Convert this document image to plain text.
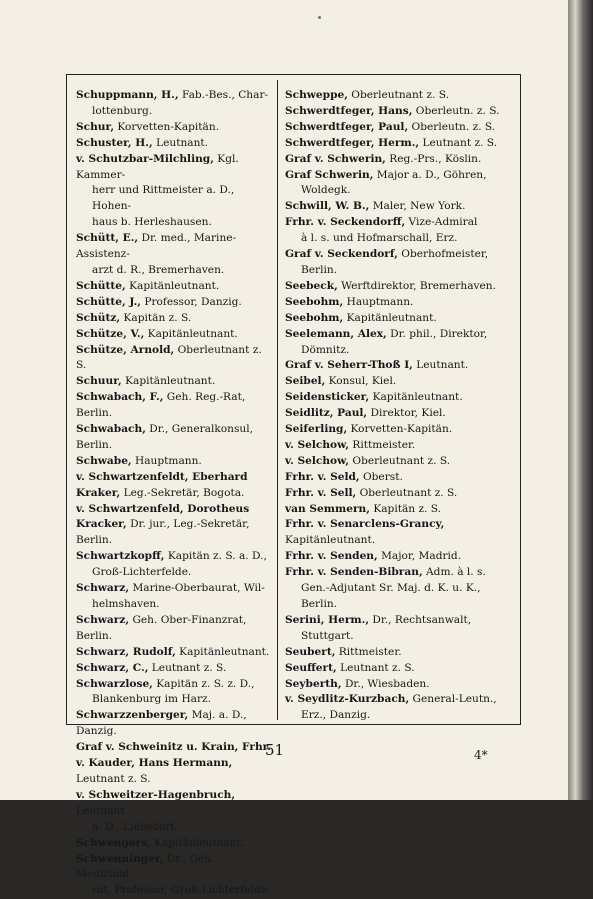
Schuppmann, H., Fab.-Bes., Char-
lottenburg.
Schur, Korvetten-Kapitän.
Schuster, H., Leutnant.
v. Schutzbar-Milchling, Kgl. Kammer-
herr und Rittmeister a. D., Hohen-
haus b. Herleshausen.
Schütt, E., Dr. med., Marine-Assistenz-
arzt d. R., Bremerhaven.
Schütte, Kapitänleutnant.
Schütte, J., Professor, Danzig.
Schütz, Kapitän z. S.
Schütze, V., Kapitänleutnant.
Schütze, Arnold, Oberleutnant z. S.
Schuur, Kapitänleutnant.
Schwabach, F., Geh. Reg.-Rat, Berlin.
Schwabach, Dr., Generalkonsul, Berlin.
Schwabe, Hauptmann.
v. Schwartzenfeldt, Eberhard Kraker, Leg.-Sekretär, Bogota.
v. Schwartzenfeld, Dorotheus Kracker, Dr. jur., Leg.-Sekretär, Berlin.
Schwartzkopff, Kapitän z. S. a. D.,
Groß-Lichterfelde.
Schwarz, Marine-Oberbaurat, Wil-
helmshaven.
Schwarz, Geh. Ober-Finanzrat, Berlin.
Schwarz, Rudolf, Kapitänleutnant.
Schwarz, C., Leutnant z. S.
Schwarzlose, Kapitän z. S. z. D.,
Blankenburg im Harz.
Schwarzzenberger, Maj. a. D., Danzig.
Graf v. Schweinitz u. Krain, Frhr. v. Kauder, Hans Hermann, Leutnant z. S.
v. Schweitzer-Hagenbruch, Leutnant
a. D., Liebsdorf.
Schwengers, Kapitänleutnant.
Schwenninger, Dr., Geh. Medizinal-
rat, Professor, Groß-Lichterfelde.
Schweppe, Oberleutnant z. S.
Schwerdtfeger, Hans, Oberleutn. z. S.
Schwerdtfeger, Paul, Oberleutn. z. S.
Schwerdtfeger, Herm., Leutnant z. S.
Graf v. Schwerin, Reg.-Prs., Köslin.
Graf Schwerin, Major a. D., Göhren,
Woldegk.
Schwill, W. B., Maler, New York.
Frhr. v. Seckendorff, Vize-Admiral
à l. s. und Hofmarschall, Erz.
Graf v. Seckendorf, Oberhofmeister,
Berlin.
Seebeck, Werftdirektor, Bremerhaven.
Seebohm, Hauptmann.
Seebohm, Kapitänleutnant.
Seelemann, Alex, Dr. phil., Direktor,
Dömnitz.
Graf v. Seherr-Thoß I, Leutnant.
Seibel, Konsul, Kiel.
Seidensticker, Kapitänleutnant.
Seidlitz, Paul, Direktor, Kiel.
Seiferling, Korvetten-Kapitän.
v. Selchow, Rittmeister.
v. Selchow, Oberleutnant z. S.
Frhr. v. Seld, Oberst.
Frhr. v. Sell, Oberleutnant z. S.
van Semmern, Kapitän z. S.
Frhr. v. Senarclens-Grancy, Kapitänleutnant.
Frhr. v. Senden, Major, Madrid.
Frhr. v. Senden-Bibran, Adm. à l. s.
Gen.-Adjutant Sr. Maj. d. K. u. K.,
Berlin.
Serini, Herm., Dr., Rechtsanwalt,
Stuttgart.
Seubert, Rittmeister.
Seuffert, Leutnant z. S.
Seyberth, Dr., Wiesbaden.
v. Seydlitz-Kurzbach, General-Leutn.,
Erz., Danzig.
51	4*
